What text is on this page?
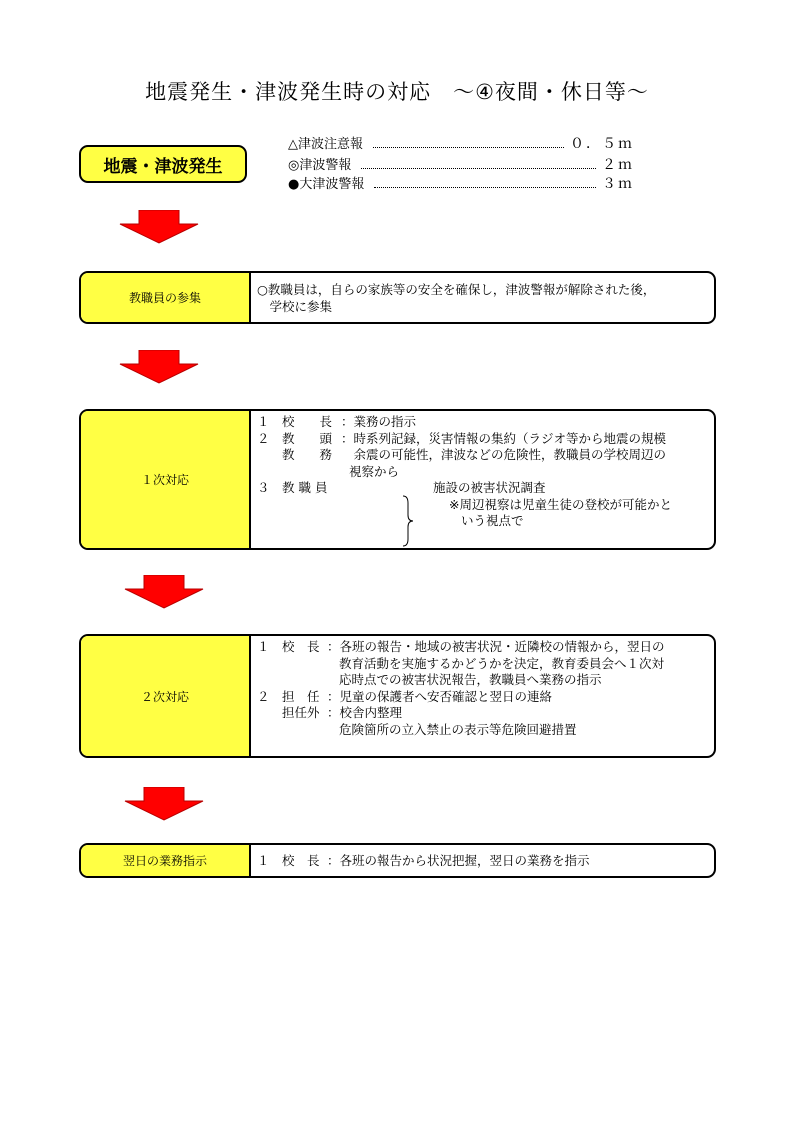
地震発生・津波発生時の対応　～④夜間・休日等～
地震・津波発生
△津波注意報	０．５ｍ
◎津波警報	２ｍ
●大津波警報	３ｍ
教職員の参集
○教職員は，自らの家族等の安全を確保し，津波警報が解除された後，
　学校に参集
１次対応
１　校　　長 ：業務の指示
２　教　　頭 ：時系列記録，災害情報の集約（ラジオ等から地震の規模
　　教　　務　余震の可能性，津波などの危険性，教職員の学校周辺の
視察から
３　教 職 員	施設の被害状況調査
※周辺視察は児童生徒の登校が可能かと
いう視点で
２次対応
１　校　長 ：各班の報告・地域の被害状況・近隣校の情報から，翌日の
教育活動を実施するかどうかを決定，教育委員会へ１次対
応時点での被害状況報告，教職員へ業務の指示
２　担　任 ：児童の保護者へ安否確認と翌日の連絡
　　担任外 ：校舎内整理
危険箇所の立入禁止の表示等危険回避措置
翌日の業務指示	１　校　長 ：各班の報告から状況把握，翌日の業務を指示
